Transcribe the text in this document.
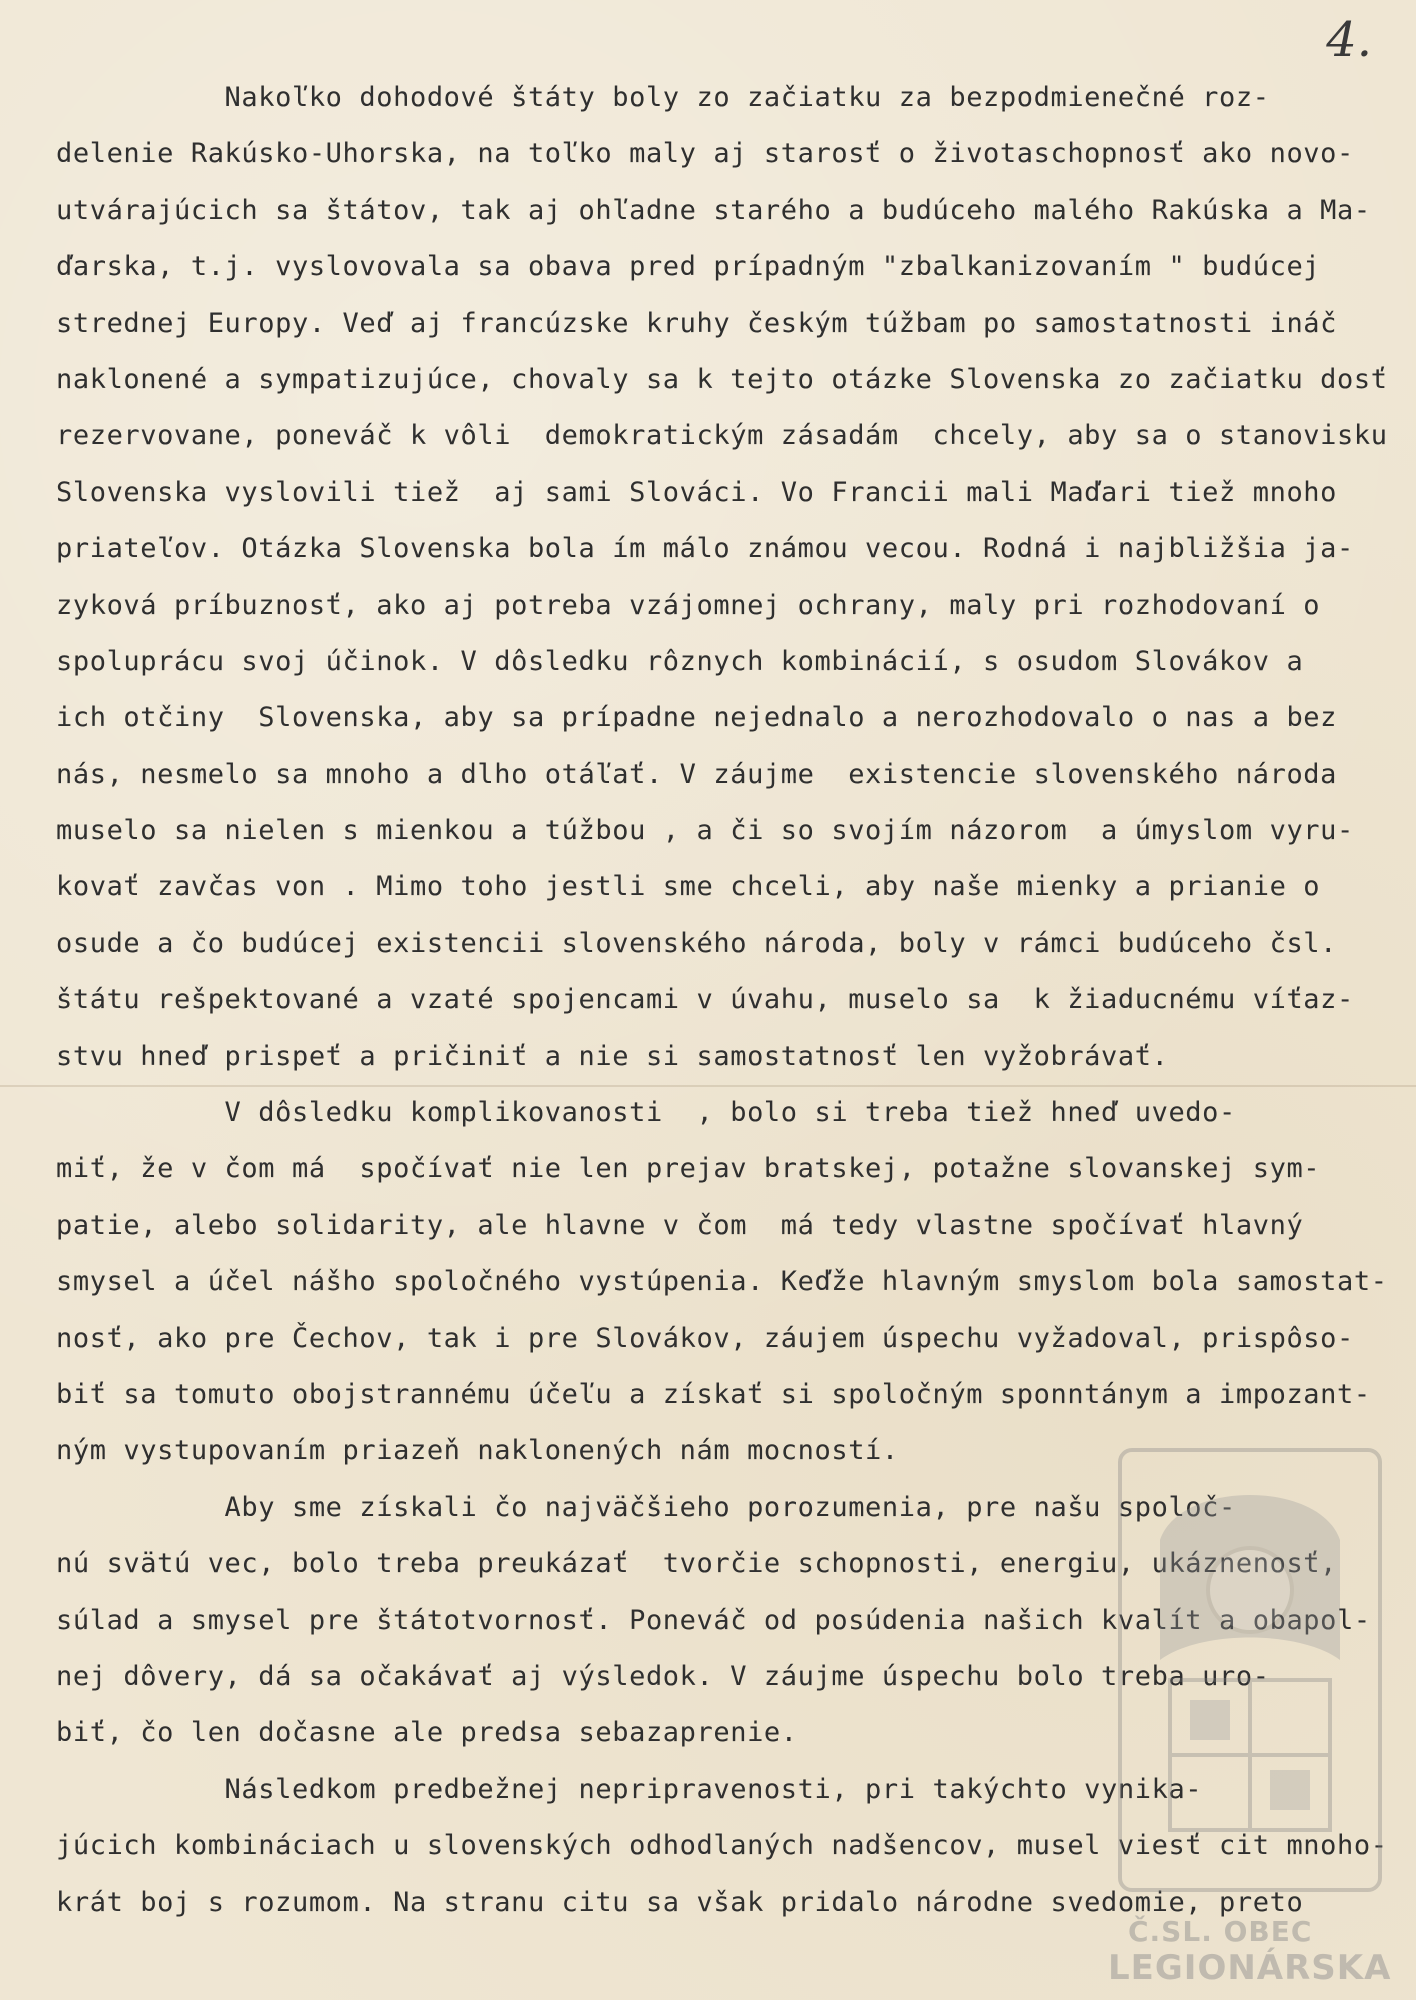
4.
Nakoľko dohodové štáty boly zo začiatku za bezpodmienečné roz-
delenie Rakúsko-Uhorska, na toľko maly aj starosť o životaschopnosť ako novo-
utvárajúcich sa štátov, tak aj ohľadne starého a budúceho malého Rakúska a Ma-
ďarska, t.j. vyslovovala sa obava pred prípadným "zbalkanizovaním " budúcej
strednej Europy. Veď aj francúzske kruhy českým túžbam po samostatnosti ináč
naklonené a sympatizujúce, chovaly sa k tejto otázke Slovenska zo začiatku dosť
rezervovane, poneváč k vôli  demokratickým zásadám  chcely, aby sa o stanovisku
Slovenska vyslovili tiež  aj sami Slováci. Vo Francii mali Maďari tiež mnoho
priateľov. Otázka Slovenska bola ím málo známou vecou. Rodná i najbližšia ja-
zyková príbuznosť, ako aj potreba vzájomnej ochrany, maly pri rozhodovaní o
spoluprácu svoj účinok. V dôsledku rôznych kombinácií, s osudom Slovákov a
ich otčiny  Slovenska, aby sa prípadne nejednalo a nerozhodovalo o nas a bez
nás, nesmelo sa mnoho a dlho otáľať. V záujme  existencie slovenského národa
muselo sa nielen s mienkou a túžbou , a či so svojím názorom  a úmyslom vyru-
kovať zavčas von . Mimo toho jestli sme chceli, aby naše mienky a prianie o
osude a čo budúcej existencii slovenského národa, boly v rámci budúceho čsl.
štátu rešpektované a vzaté spojencami v úvahu, muselo sa  k žiaducnému víťaz-
stvu hneď prispeť a pričiniť a nie si samostatnosť len vyžobrávať.
V dôsledku komplikovanosti  , bolo si treba tiež hneď uvedo-
miť, že v čom má  spočívať nie len prejav bratskej, potažne slovanskej sym-
patie, alebo solidarity, ale hlavne v čom  má tedy vlastne spočívať hlavný
smysel a účel nášho spoločného vystúpenia. Keďže hlavným smyslom bola samostat-
nosť, ako pre Čechov, tak i pre Slovákov, záujem úspechu vyžadoval, prispôso-
biť sa tomuto obojstrannému účeľu a získať si spoločným sponntánym a impozant-
ným vystupovaním priazeň naklonených nám mocností.
Aby sme získali čo najväčšieho porozumenia, pre našu spoloč-
nú svätú vec, bolo treba preukázať  tvorčie schopnosti, energiu, ukáznenosť,
súlad a smysel pre štátotvornosť. Poneváč od posúdenia našich kvalít a obapol-
nej dôvery, dá sa očakávať aj výsledok. V záujme úspechu bolo treba uro-
biť, čo len dočasne ale predsa sebazaprenie.
Následkom predbežnej nepripravenosti, pri takýchto vynika-
júcich kombináciach u slovenských odhodlaných nadšencov, musel viesť cit mnoho-
krát boj s rozumom. Na stranu citu sa však pridalo národne svedomie, preto
Č.SL. OBEC
LEGIONÁRSKA
